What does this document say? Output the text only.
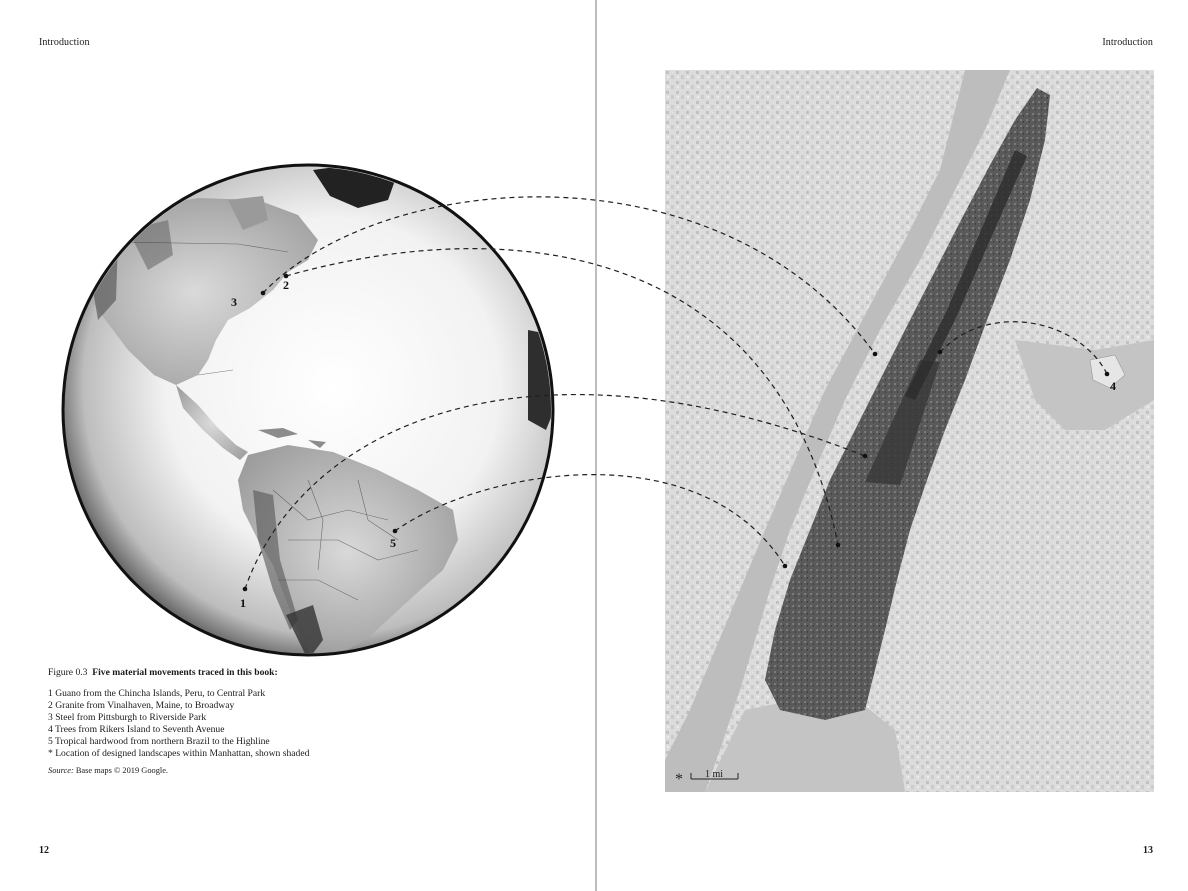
Introduction
Figure 0.3 Five material movements traced in this book:
1 Guano from the Chincha Islands, Peru, to Central Park
2 Granite from Vinalhaven, Maine, to Broadway
3 Steel from Pittsburgh to Riverside Park
4 Trees from Rikers Island to Seventh Avenue
5 Tropical hardwood from northern Brazil to the Highline
* Location of designed landscapes within Manhattan, shown shaded
Source: Base maps © 2019 Google.
12
Introduction
13
* 1 mi
1
2
3
5
4
